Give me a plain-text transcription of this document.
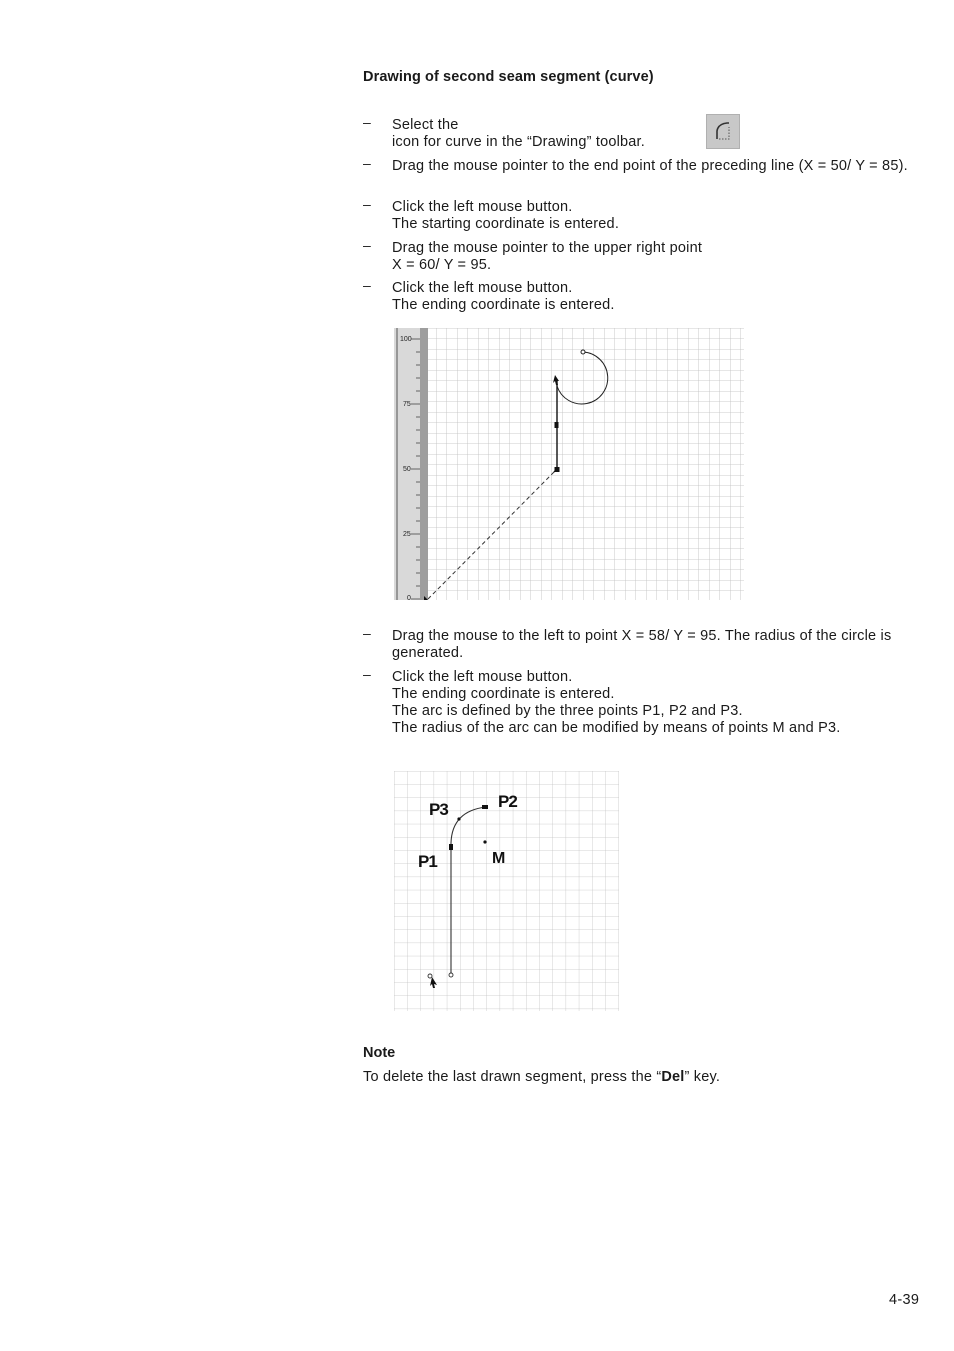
Drawing of second seam segment (curve)
– Select the
icon for curve in the “Drawing” toolbar.
– Drag the mouse pointer to the end point of the preceding line (X = 50/ Y = 85).
– Click the left mouse button.
The starting coordinate is entered.
– Drag the mouse pointer to the upper right point
X = 60/ Y = 95.
– Click the left mouse button.
The ending coordinate is entered.
100
75
50
25
0
– Drag the mouse to the left to point X = 58/ Y = 95. The radius of the circle is generated.
– Click the left mouse button.
The ending coordinate is entered.
The arc is defined by the three points P1, P2 and P3.
The radius of the arc can be modified by means of points M and P3.
P3	P2
P1	M
Note
To delete the last drawn segment, press the “Del” key.
4-39
